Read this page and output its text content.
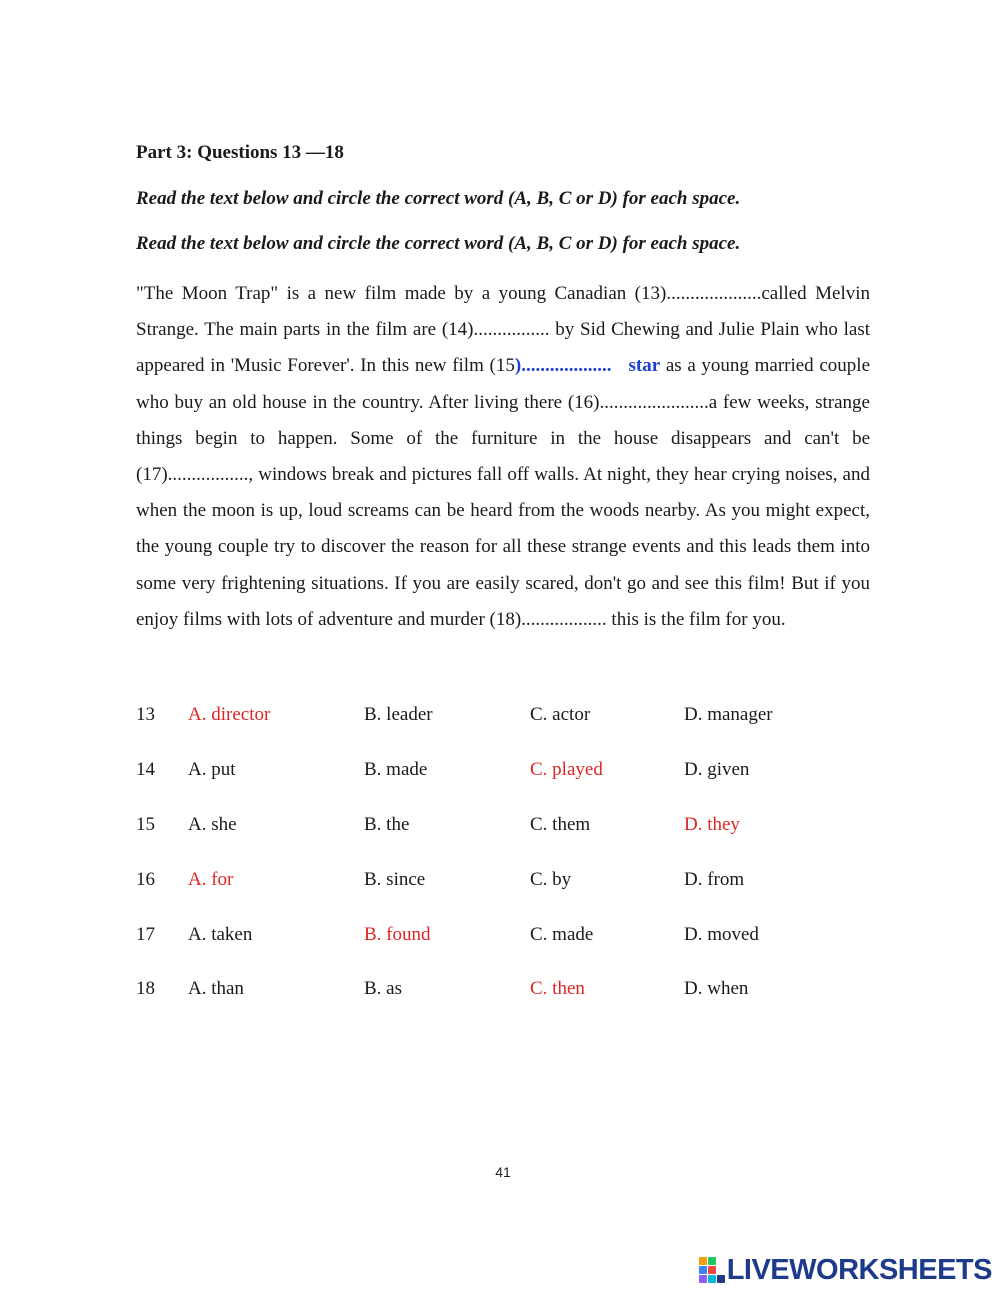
Part 3: Questions 13 —18

Read the text below and circle the correct word (A, B, C or D) for each space.

Read the text below and circle the correct word (A, B, C or D) for each space.

"The Moon Trap" is a new film made by a young Canadian (13)....................called Melvin Strange. The main parts in the film are (14)................ by Sid Chewing and Julie Plain who last appeared in 'Music Forever'. In this new film (15)................... star as a young married couple who buy an old house in the country. After living there (16).......................a few weeks, strange things begin to happen. Some of the furniture in the house disappears and can't be (17)................., windows break and pictures fall off walls. At night, they hear crying noises, and when the moon is up, loud screams can be heard from the woods nearby. As you might expect, the young couple try to discover the reason for all these strange events and this leads them into some very frightening situations. If you are easily scared, don't go and see this film! But if you enjoy films with lots of adventure and murder (18).................. this is the film for you.

13	A. director	B. leader	C. actor	D. manager
14	A. put	B. made	C. played	D. given
15	A. she	B. the	C. them	D. they
16	A. for	B. since	C. by	D. from
17	A. taken	B. found	C. made	D. moved
18	A. than	B. as	C. then	D. when
41
LIVEWORKSHEETS
